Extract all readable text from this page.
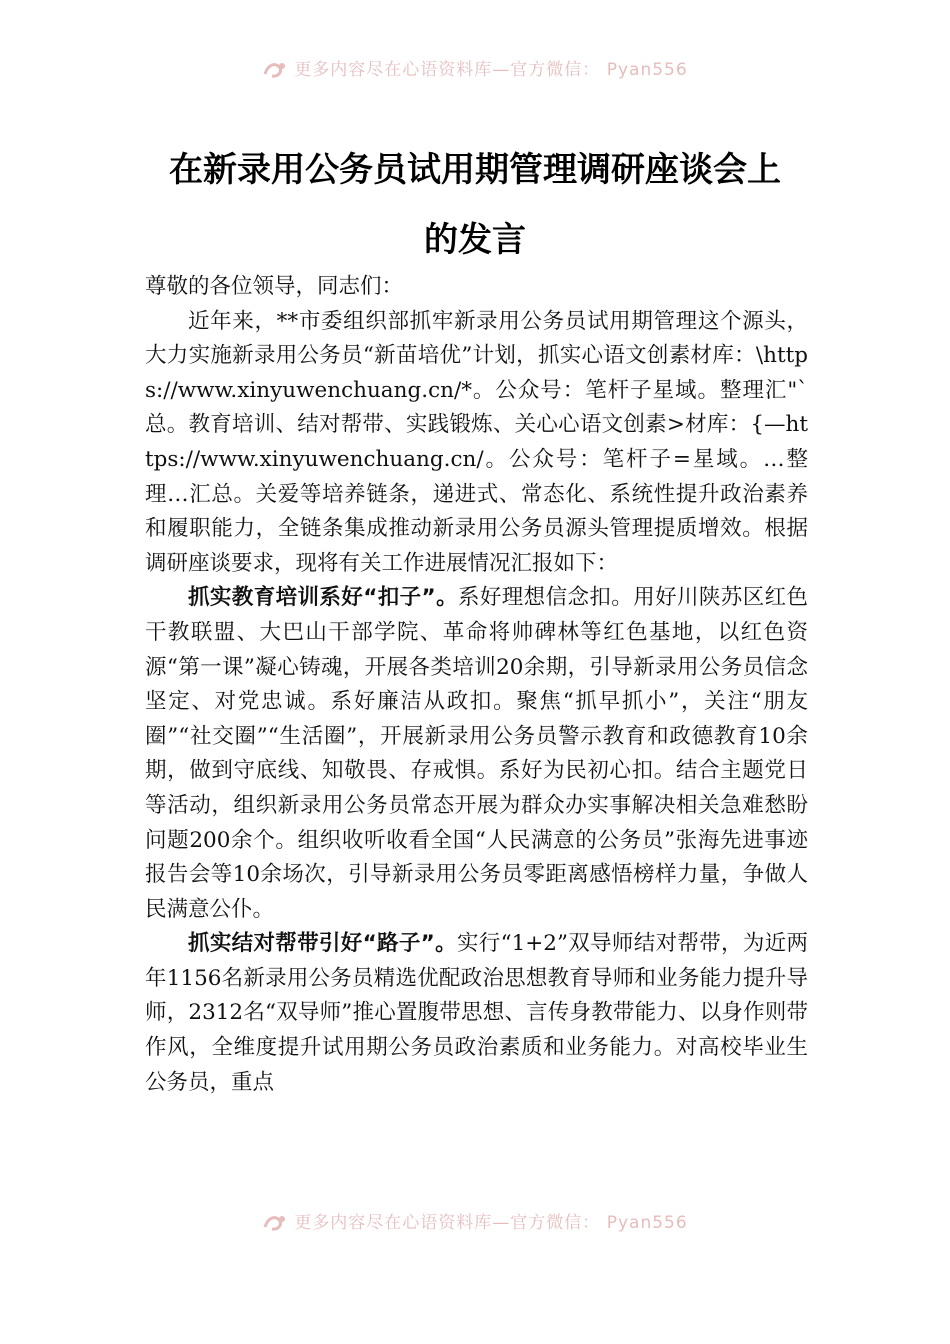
更多内容尽在心语资料库—官方微信： Pyan556
在新录用公务员试用期管理调研座谈会上
的发言

尊敬的各位领导，同志们：

近年来，**市委组织部抓牢新录用公务员试用期管理这个源头，大力实施新录用公务员“新苗培优”计划，抓实心语文创素材库：\https://www.xinyuwenchuang.cn/*。公众号：笔杆子星域。整理汇"`总。教育培训、结对帮带、实践锻炼、关心心语文创素>材库：{—https://www.xinyuwenchuang.cn/。公众号：笔杆子=星域。…整理…汇总。关爱等培养链条，递进式、常态化、系统性提升政治素养和履职能力，全链条集成推动新录用公务员源头管理提质增效。根据调研座谈要求，现将有关工作进展情况汇报如下：

抓实教育培训系好“扣子”。系好理想信念扣。用好川陕苏区红色干教联盟、大巴山干部学院、革命将帅碑林等红色基地，以红色资源“第一课”凝心铸魂，开展各类培训20余期，引导新录用公务员信念坚定、对党忠诚。系好廉洁从政扣。聚焦“抓早抓小”，关注“朋友圈”“社交圈”“生活圈”，开展新录用公务员警示教育和政德教育10余期，做到守底线、知敬畏、存戒惧。系好为民初心扣。结合主题党日等活动，组织新录用公务员常态开展为群众办实事解决相关急难愁盼问题200余个。组织收听收看全国“人民满意的公务员”张海先进事迹报告会等10余场次，引导新录用公务员零距离感悟榜样力量，争做人民满意公仆。

抓实结对帮带引好“路子”。实行“1+2”双导师结对帮带，为近两年1156名新录用公务员精选优配政治思想教育导师和业务能力提升导师，2312名“双导师”推心置腹带思想、言传身教带能力、以身作则带作风，全维度提升试用期公务员政治素质和业务能力。对高校毕业生公务员，重点

更多内容尽在心语资料库—官方微信： Pyan556
